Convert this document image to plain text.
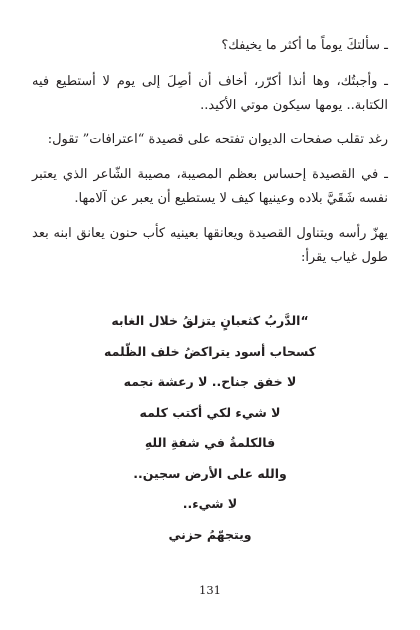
ـ سألتكَ يوماً ما أكثر ما يخيفك؟

ـ وأجبتُك، وها أنذا أكرّر، أخاف أن أصِلَ إلى يوم لا أستطيع فيه الكتابة.. يومها سيكون موتي الأكيد..

رغد تقلب صفحات الديوان تفتحه على قصيدة “اعترافات” تقول:

ـ في القصيدة إحساس بعظم المصيبة، مصيبة الشّاعر الذي يعتبر نفسه شَقَيَّ بلاده وعينيها كيف لا يستطيع أن يعبر عن آلامها.

يهزّ رأسه ويتناول القصيدة ويعانقها بعينيه كأب حنون يعانق ابنه بعد طول غياب يقرأ:

“الدَّربُ كثعبانٍ يتزلقُ خلال الغابه
كسحاب أسود يتراكضُ خلف الظّلمه
لا خفق جناح.. لا رعشة نجمه
لا شيء لكي أكتب كلمه
فالكلمةُ في شفةِ اللهِ
والله على الأرض سجين..
لا شيء..
ويتجهّمُ حزني
131
